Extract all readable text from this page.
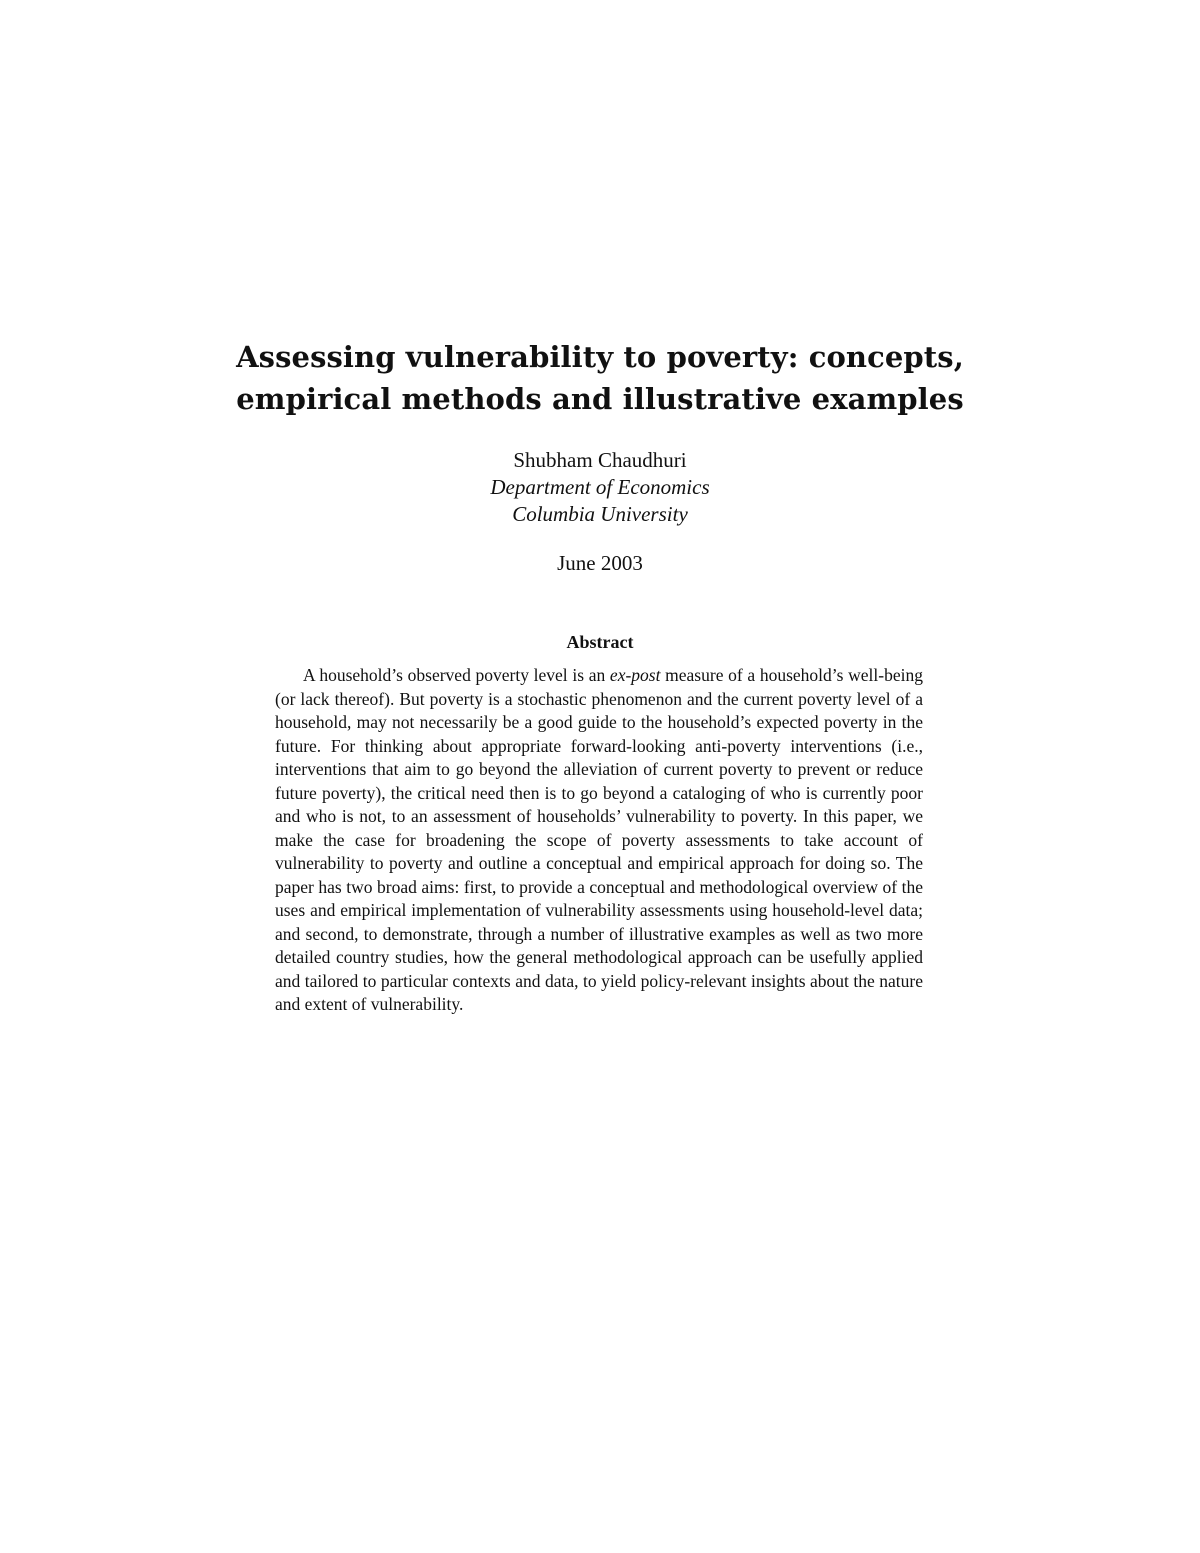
Assessing vulnerability to poverty: concepts,
empirical methods and illustrative examples
Shubham Chaudhuri
Department of Economics
Columbia University
June 2003
Abstract

A household’s observed poverty level is an ex-post measure of a household’s well-being (or lack thereof). But poverty is a stochastic phenomenon and the current poverty level of a household, may not necessarily be a good guide to the household’s expected poverty in the future. For thinking about appropriate forward-looking anti-poverty interventions (i.e., interventions that aim to go beyond the alleviation of current poverty to prevent or reduce future poverty), the critical need then is to go beyond a cataloging of who is currently poor and who is not, to an assessment of households’ vulnerability to poverty. In this paper, we make the case for broadening the scope of poverty assessments to take account of vulnerability to poverty and outline a conceptual and empirical approach for doing so. The paper has two broad aims: first, to provide a conceptual and methodological overview of the uses and empirical implementation of vulnerability assessments using household-level data; and second, to demonstrate, through a number of illustrative examples as well as two more detailed country studies, how the general methodological approach can be usefully applied and tailored to particular contexts and data, to yield policy-relevant insights about the nature and extent of vulnerability.
